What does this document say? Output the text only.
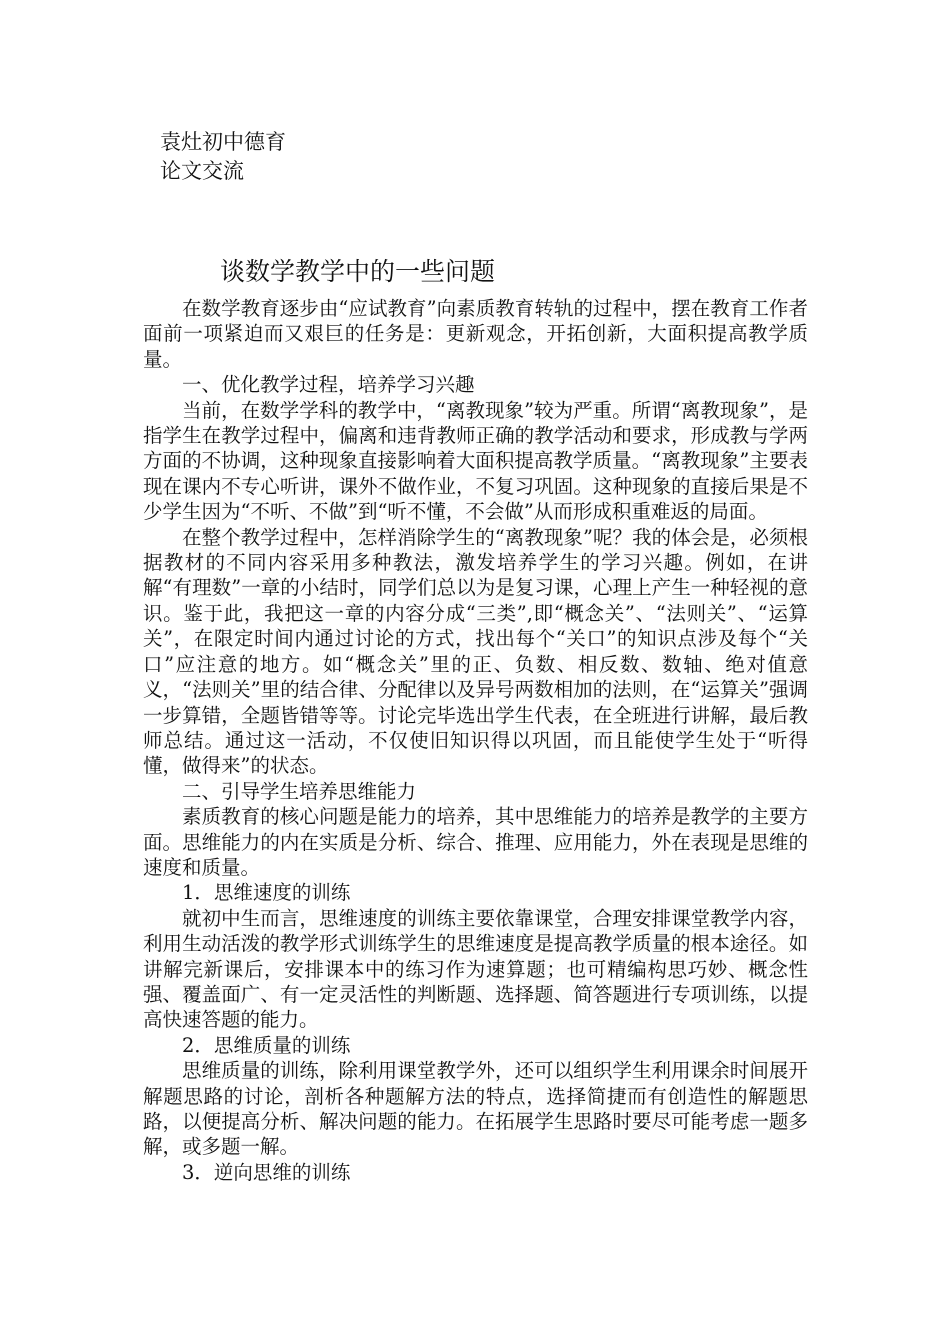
袁灶初中德育
论文交流
谈数学教学中的一些问题

在数学教育逐步由“应试教育”向素质教育转轨的过程中，摆在教育工作者面前一项紧迫而又艰巨的任务是：更新观念，开拓创新，大面积提高教学质量。

一、优化教学过程，培养学习兴趣

当前，在数学学科的教学中，“离教现象”较为严重。所谓“离教现象”，是指学生在教学过程中，偏离和违背教师正确的教学活动和要求，形成教与学两方面的不协调，这种现象直接影响着大面积提高教学质量。“离教现象”主要表现在课内不专心听讲，课外不做作业，不复习巩固。这种现象的直接后果是不少学生因为“不听、不做”到“听不懂，不会做”从而形成积重难返的局面。

在整个教学过程中，怎样消除学生的“离教现象”呢？我的体会是，必须根据教材的不同内容采用多种教法，激发培养学生的学习兴趣。例如，在讲解“有理数”一章的小结时，同学们总以为是复习课，心理上产生一种轻视的意识。鉴于此，我把这一章的内容分成“三类”,即“概念关”、“法则关”、“运算关”，在限定时间内通过讨论的方式，找出每个“关口”的知识点涉及每个“关口”应注意的地方。如“概念关”里的正、负数、相反数、数轴、绝对值意义，“法则关”里的结合律、分配律以及异号两数相加的法则，在“运算关”强调一步算错，全题皆错等等。讨论完毕选出学生代表，在全班进行讲解，最后教师总结。通过这一活动，不仅使旧知识得以巩固，而且能使学生处于“听得懂，做得来”的状态。

二、引导学生培养思维能力

素质教育的核心问题是能力的培养，其中思维能力的培养是教学的主要方面。思维能力的内在实质是分析、综合、推理、应用能力，外在表现是思维的速度和质量。

1．思维速度的训练

就初中生而言，思维速度的训练主要依靠课堂，合理安排课堂教学内容，利用生动活泼的教学形式训练学生的思维速度是提高教学质量的根本途径。如讲解完新课后，安排课本中的练习作为速算题；也可精编构思巧妙、概念性强、覆盖面广、有一定灵活性的判断题、选择题、简答题进行专项训练，以提高快速答题的能力。

2．思维质量的训练

思维质量的训练，除利用课堂教学外，还可以组织学生利用课余时间展开解题思路的讨论，剖析各种题解方法的特点，选择简捷而有创造性的解题思路，以便提高分析、解决问题的能力。在拓展学生思路时要尽可能考虑一题多解，或多题一解。

3．逆向思维的训练
